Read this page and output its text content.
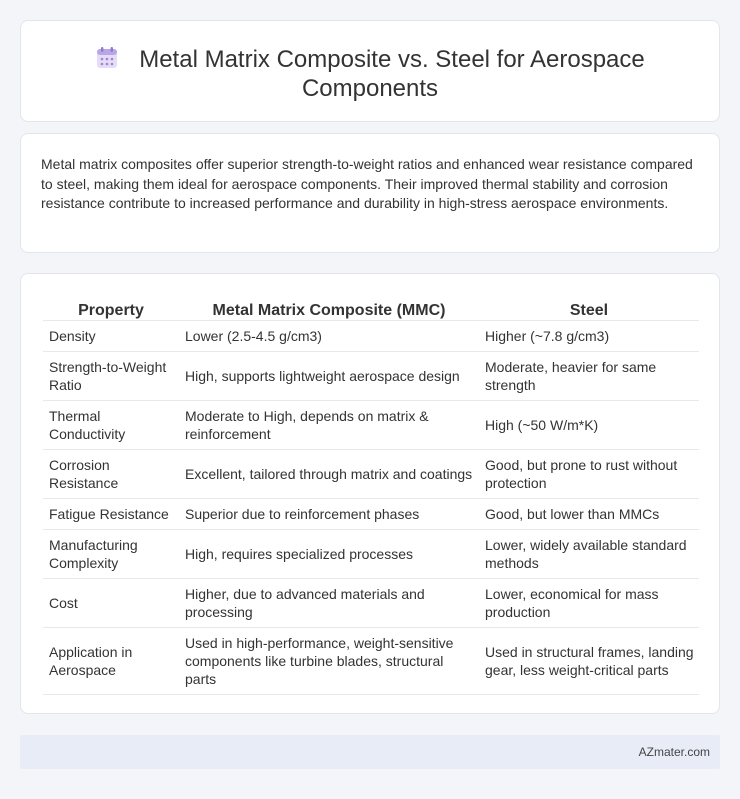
Metal Matrix Composite vs. Steel for Aerospace
Components

Metal matrix composites offer superior strength-to-weight ratios and enhanced wear resistance compared to steel, making them ideal for aerospace components. Their improved thermal stability and corrosion resistance contribute to increased performance and durability in high-stress aerospace environments.

Property	Metal Matrix Composite (MMC)	Steel
Density	Lower (2.5-4.5 g/cm3)	Higher (~7.8 g/cm3)
Strength-to-Weight Ratio	High, supports lightweight aerospace design	Moderate, heavier for same strength
Thermal Conductivity	Moderate to High, depends on matrix & reinforcement	High (~50 W/m*K)
Corrosion Resistance	Excellent, tailored through matrix and coatings	Good, but prone to rust without protection
Fatigue Resistance	Superior due to reinforcement phases	Good, but lower than MMCs
Manufacturing Complexity	High, requires specialized processes	Lower, widely available standard methods
Cost	Higher, due to advanced materials and processing	Lower, economical for mass production
Application in Aerospace	Used in high-performance, weight-sensitive components like turbine blades, structural parts	Used in structural frames, landing gear, less weight-critical parts
AZmater.com
